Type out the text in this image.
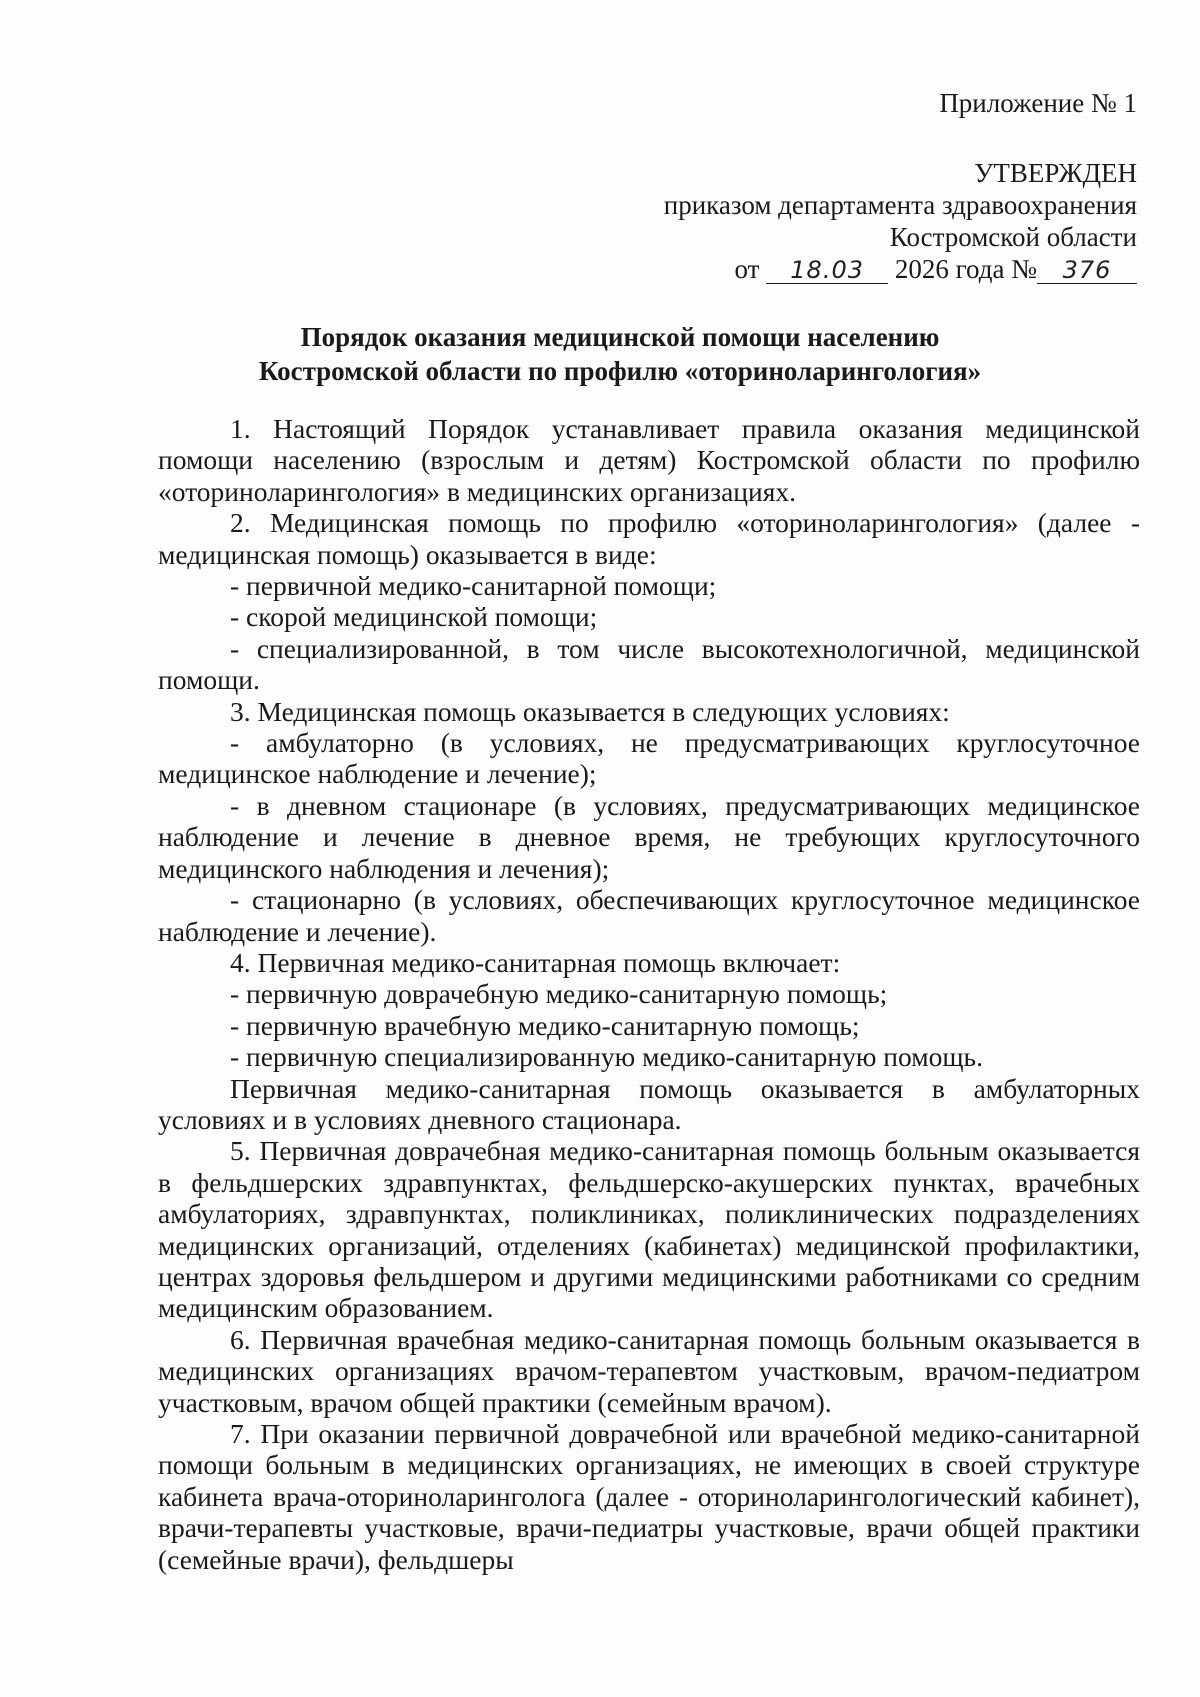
Приложение № 1
УТВЕРЖДЕН
приказом департамента здравоохранения
Костромской области
от 18.03 2026 года № 376
Порядок оказания медицинской помощи населению
Костромской области по профилю «оториноларингология»

1. Настоящий Порядок устанавливает правила оказания медицинской помощи населению (взрослым и детям) Костромской области по профилю «оториноларингология» в медицинских организациях.

2. Медицинская помощь по профилю «оториноларингология» (далее - медицинская помощь) оказывается в виде:

- первичной медико-санитарной помощи;

- скорой медицинской помощи;

- специализированной, в том числе высокотехнологичной, медицинской помощи.

3. Медицинская помощь оказывается в следующих условиях:

- амбулаторно (в условиях, не предусматривающих круглосуточное медицинское наблюдение и лечение);

- в дневном стационаре (в условиях, предусматривающих медицинское наблюдение и лечение в дневное время, не требующих круглосуточного медицинского наблюдения и лечения);

- стационарно (в условиях, обеспечивающих круглосуточное медицинское наблюдение и лечение).

4. Первичная медико-санитарная помощь включает:

- первичную доврачебную медико-санитарную помощь;

- первичную врачебную медико-санитарную помощь;

- первичную специализированную медико-санитарную помощь.

Первичная медико-санитарная помощь оказывается в амбулаторных условиях и в условиях дневного стационара.

5. Первичная доврачебная медико-санитарная помощь больным оказывается в фельдшерских здравпунктах, фельдшерско-акушерских пунктах, врачебных амбулаториях, здравпунктах, поликлиниках, поликлинических подразделениях медицинских организаций, отделениях (кабинетах) медицинской профилактики, центрах здоровья фельдшером и другими медицинскими работниками со средним медицинским образованием.

6. Первичная врачебная медико-санитарная помощь больным оказывается в медицинских организациях врачом-терапевтом участковым, врачом-педиатром участковым, врачом общей практики (семейным врачом).

7. При оказании первичной доврачебной или врачебной медико-санитарной помощи больным в медицинских организациях, не имеющих в своей структуре кабинета врача-оториноларинголога (далее - оториноларингологический кабинет), врачи-терапевты участковые, врачи-педиатры участковые, врачи общей практики (семейные врачи), фельдшеры
